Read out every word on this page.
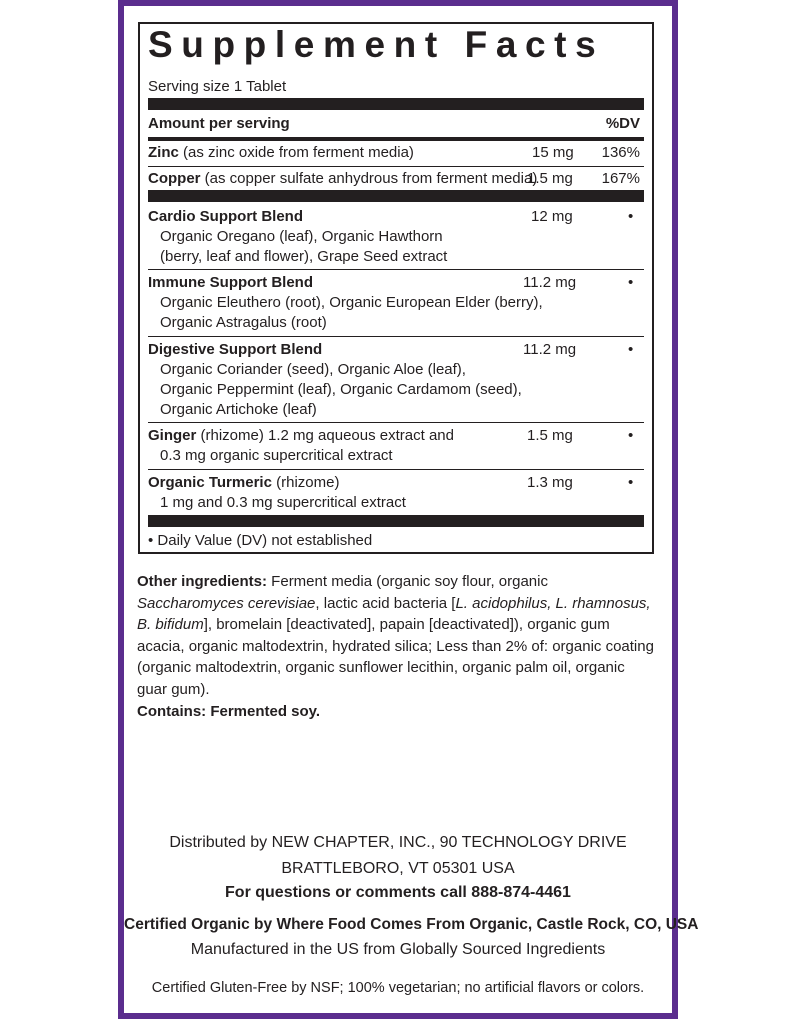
Supplement Facts
Serving size 1 Tablet
Amount per serving	%DV
Zinc (as zinc oxide from ferment media)	15 mg 136%
Copper (as copper sulfate anhydrous from ferment media)
1.5 mg 167%
Cardio Support Blend	12 mg	•
Organic Oregano (leaf), Organic Hawthorn
(berry, leaf and flower), Grape Seed extract
Immune Support Blend	11.2 mg	•
Organic Eleuthero (root), Organic European Elder (berry),
Organic Astragalus (root)
Digestive Support Blend	11.2 mg	•
Organic Coriander (seed), Organic Aloe (leaf),
Organic Peppermint (leaf), Organic Cardamom (seed),
Organic Artichoke (leaf)
Ginger (rhizome) 1.2 mg aqueous extract and	1.5 mg	•
0.3 mg organic supercritical extract
Organic Turmeric (rhizome)	1.3 mg	•
1 mg and 0.3 mg supercritical extract
• Daily Value (DV) not established
Other ingredients: Ferment media (organic soy flour, organic Saccharomyces cerevisiae, lactic acid bacteria [L. acidophilus, L. rhamnosus, B. bifidum], bromelain [deactivated], papain [deactivated]), organic gum acacia, organic maltodextrin, hydrated silica; Less than 2% of: organic coating (organic maltodextrin, organic sunflower lecithin, organic palm oil, organic guar gum).
Contains: Fermented soy.
Distributed by NEW CHAPTER, INC., 90 TECHNOLOGY DRIVE
BRATTLEBORO, VT 05301 USA
For questions or comments call 888-874-4461
Certified Organic by Where Food Comes From Organic, Castle Rock, CO, USA
Manufactured in the US from Globally Sourced Ingredients
Certified Gluten-Free by NSF; 100% vegetarian; no artificial flavors or colors.
